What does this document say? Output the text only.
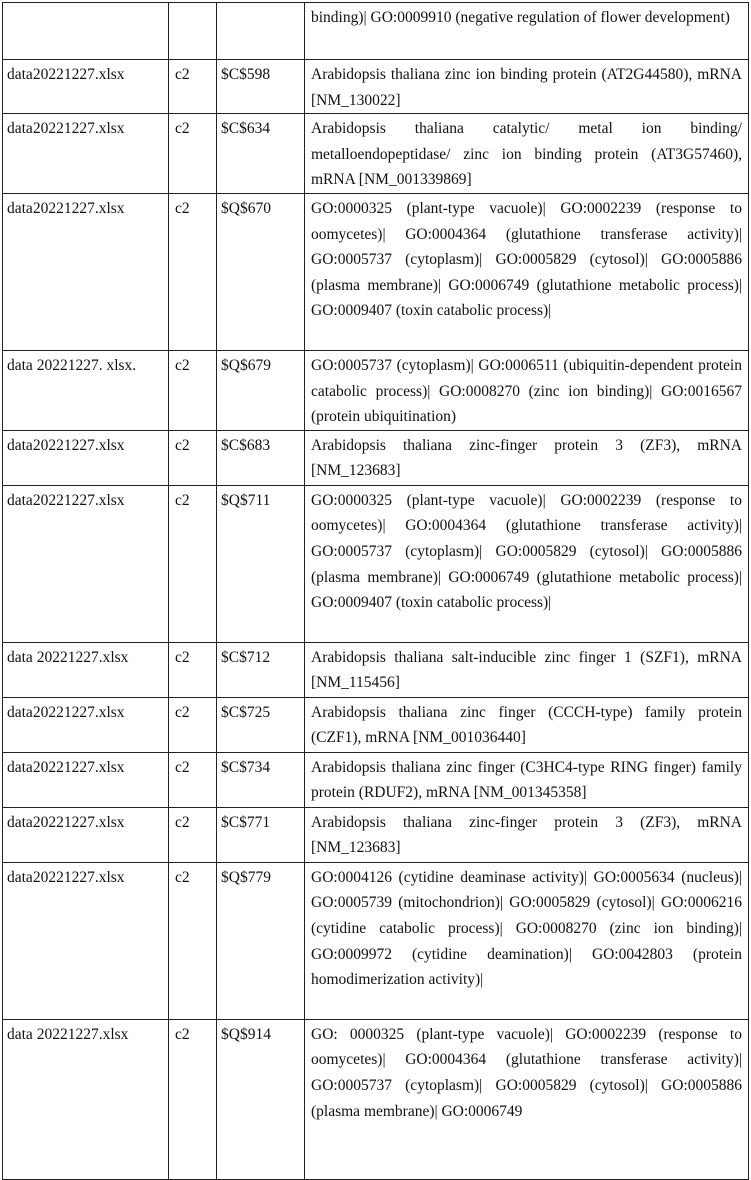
			binding)| GO:0009910 (negative regulation of flower development)
data20221227.xlsx	c2	$C$598	Arabidopsis thaliana zinc ion binding protein (AT2G44580), mRNA [NM_130022]
data20221227.xlsx	c2	$C$634	Arabidopsis thaliana catalytic/ metal ion binding/ metalloendopeptidase/ zinc ion binding protein (AT3G57460), mRNA [NM_001339869]
data20221227.xlsx	c2	$Q$670	GO:0000325 (plant-type vacuole)| GO:0002239 (response to oomycetes)| GO:0004364 (glutathione transferase activity)| GO:0005737 (cytoplasm)| GO:0005829 (cytosol)| GO:0005886 (plasma membrane)| GO:0006749 (glutathione metabolic process)| GO:0009407 (toxin catabolic process)|
data 20221227. xlsx.	c2	$Q$679	GO:0005737 (cytoplasm)| GO:0006511 (ubiquitin-dependent protein catabolic process)| GO:0008270 (zinc ion binding)| GO:0016567 (protein ubiquitination)
data20221227.xlsx	c2	$C$683	Arabidopsis thaliana zinc-finger protein 3 (ZF3), mRNA [NM_123683]
data20221227.xlsx	c2	$Q$711	GO:0000325 (plant-type vacuole)| GO:0002239 (response to oomycetes)| GO:0004364 (glutathione transferase activity)| GO:0005737 (cytoplasm)| GO:0005829 (cytosol)| GO:0005886 (plasma membrane)| GO:0006749 (glutathione metabolic process)| GO:0009407 (toxin catabolic process)|
data 20221227.xlsx	c2	$C$712	Arabidopsis thaliana salt-inducible zinc finger 1 (SZF1), mRNA [NM_115456]
data20221227.xlsx	c2	$C$725	Arabidopsis thaliana zinc finger (CCCH-type) family protein (CZF1), mRNA [NM_001036440]
data20221227.xlsx	c2	$C$734	Arabidopsis thaliana zinc finger (C3HC4-type RING finger) family protein (RDUF2), mRNA [NM_001345358]
data20221227.xlsx	c2	$C$771	Arabidopsis thaliana zinc-finger protein 3 (ZF3), mRNA [NM_123683]
data20221227.xlsx	c2	$Q$779	GO:0004126 (cytidine deaminase activity)| GO:0005634 (nucleus)| GO:0005739 (mitochondrion)| GO:0005829 (cytosol)| GO:0006216 (cytidine catabolic process)| GO:0008270 (zinc ion binding)| GO:0009972 (cytidine deamination)| GO:0042803 (protein homodimerization activity)|
data 20221227.xlsx	c2	$Q$914	GO: 0000325 (plant-type vacuole)| GO:0002239 (response to oomycetes)| GO:0004364 (glutathione transferase activity)| GO:0005737 (cytoplasm)| GO:0005829 (cytosol)| GO:0005886 (plasma membrane)| GO:0006749
